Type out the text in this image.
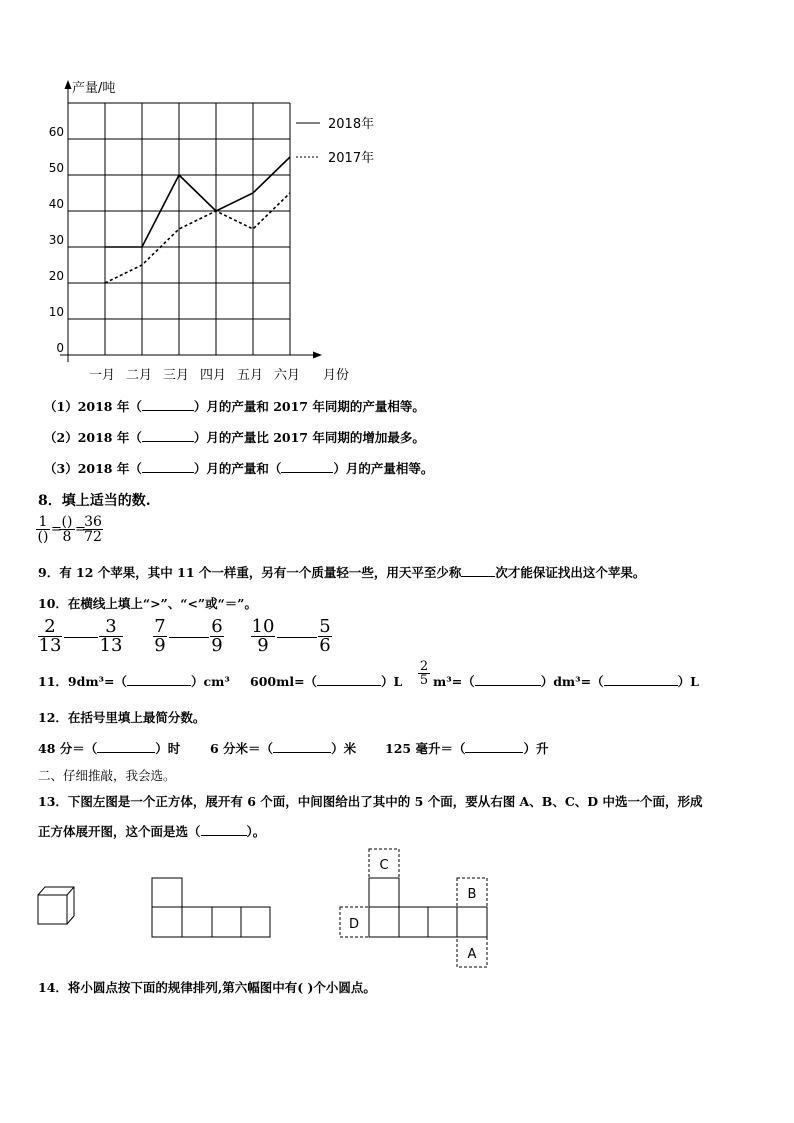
产量/吨
0
10
20
30
40
50
60
一月 二月 三月 四月 五月 六月 月份
2018年
2017年
（1）2018 年（	）月的产量和 2017 年同期的产量相等。
（2）2018 年（	）月的产量比 2017 年同期的增加最多。
（3）2018 年（	）月的产量和（	）月的产量相等。
8．填上适当的数.
1
() = ()
8 =
36
72
9．有 12 个苹果，其中 11 个一样重，另有一个质量轻一些，用天平至少称	次才能保证找出这个苹果。
10．在横线上填上“>”、“<”或“＝”。
2
13
3
13
7
9
6
9
10
9
5
6
11．9dm³=（	）cm³ 600ml=（	）L
2
5 m³=（	）dm³=（	）L
12．在括号里填上最简分数。
48 分＝（	）时 6 分米＝（	）米 125 毫升＝（	）升
二、仔细推敲，我会选。
13．下图左图是一个正方体，展开有 6 个面，中间图给出了其中的 5 个面，要从右图 A、B、C、D 中选一个面，形成
正方体展开图，这个面是选（	）。
C
B
D
A
14．将小圆点按下面的规律排列,第六幅图中有( )个小圆点。
